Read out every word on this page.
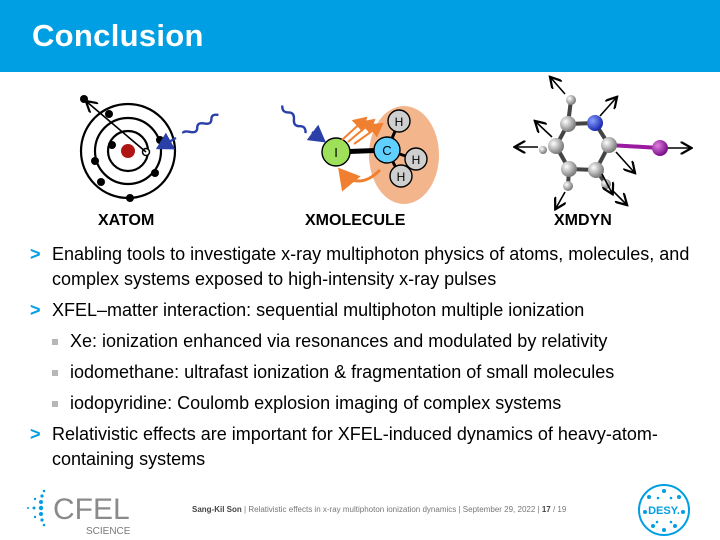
Conclusion
I	C
H
H
H
XATOM	XMOLECULE	XMDYN
> Enabling tools to investigate x-ray multiphoton physics of atoms, molecules, and complex systems exposed to high-intensity x-ray pulses
> XFEL–matter interaction: sequential multiphoton multiple ionization
Xe: ionization enhanced via resonances and modulated by relativity
iodomethane: ultrafast ionization & fragmentation of small molecules
iodopyridine: Coulomb explosion imaging of complex systems
> Relativistic effects are important for XFEL-induced dynamics of heavy-atom-containing systems
CFEL
SCIENCE
Sang-Kil Son | Relativistic effects in x-ray multiphoton ionization dynamics | September 29, 2022 | 17 / 19	DESY.
